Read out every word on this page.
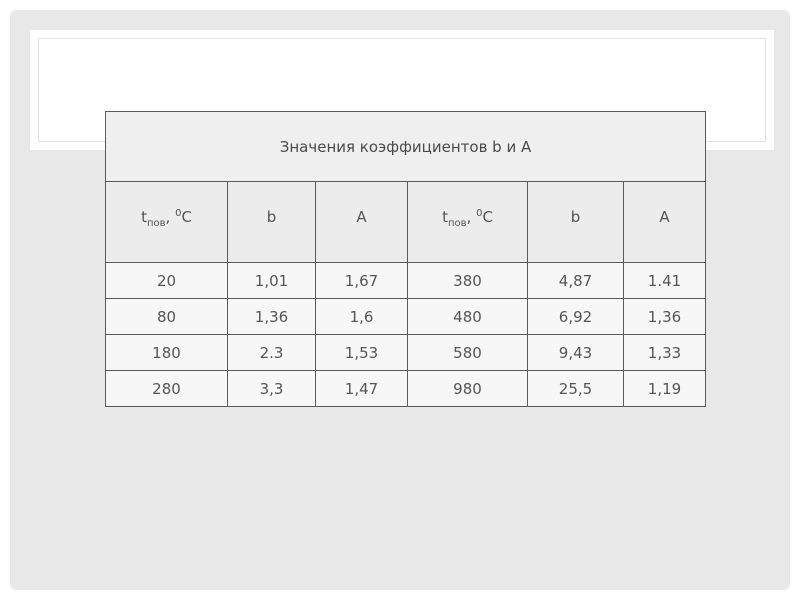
Значения коэффициентов b и A					
$t_{пов}$, $^0$C	b	A	$t_{пов}$, $^0$C	b	A
20	1,01	1,67	380	4,87	1.41
80	1,36	1,6	480	6,92	1,36
180	2.3	1,53	580	9,43	1,33
280	3,3	1,47	980	25,5	1,19
